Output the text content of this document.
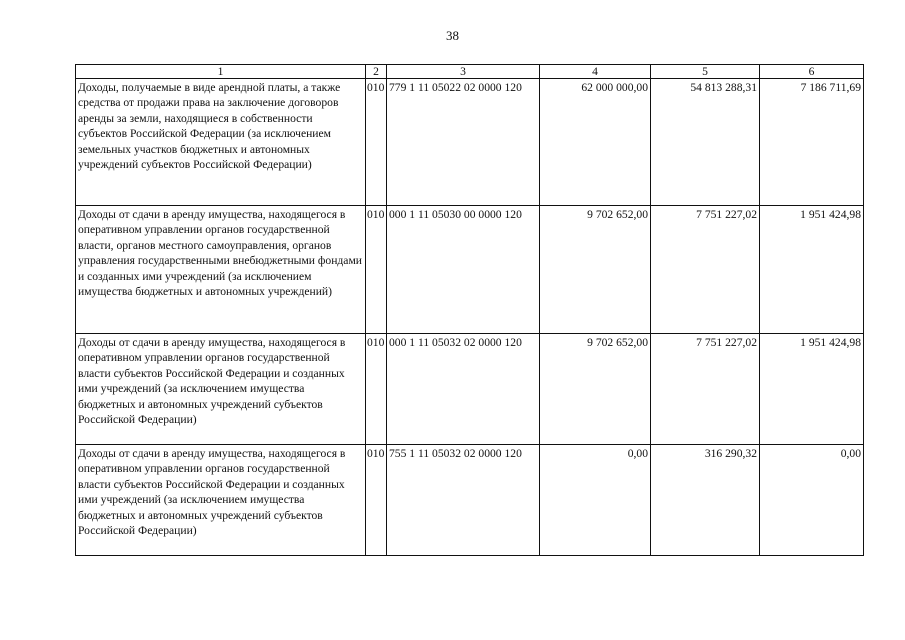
38
1	2	3	4	5	6
Доходы, получаемые в виде арендной платы, а также средства от продажи права на заключение договоров аренды за земли, находящиеся в собственности субъектов Российской Федерации (за исключением земельных участков бюджетных и автономных учреждений субъектов Российской Федерации)	010	779 1 11 05022 02 0000 120	62 000 000,00	54 813 288,31	7 186 711,69
Доходы от сдачи в аренду имущества, находящегося в оперативном управлении органов государственной власти, органов местного самоуправления, органов управления государственными внебюджетными фондами и созданных ими учреждений (за исключением имущества бюджетных и автономных учреждений)	010	000 1 11 05030 00 0000 120	9 702 652,00	7 751 227,02	1 951 424,98
Доходы от сдачи в аренду имущества, находящегося в оперативном управлении органов государственной власти субъектов Российской Федерации и созданных ими учреждений (за исключением имущества бюджетных и автономных учреждений субъектов Российской Федерации)	010	000 1 11 05032 02 0000 120	9 702 652,00	7 751 227,02	1 951 424,98
Доходы от сдачи в аренду имущества, находящегося в оперативном управлении органов государственной власти субъектов Российской Федерации и созданных ими учреждений (за исключением имущества бюджетных и автономных учреждений субъектов Российской Федерации)	010	755 1 11 05032 02 0000 120	0,00	316 290,32	0,00
